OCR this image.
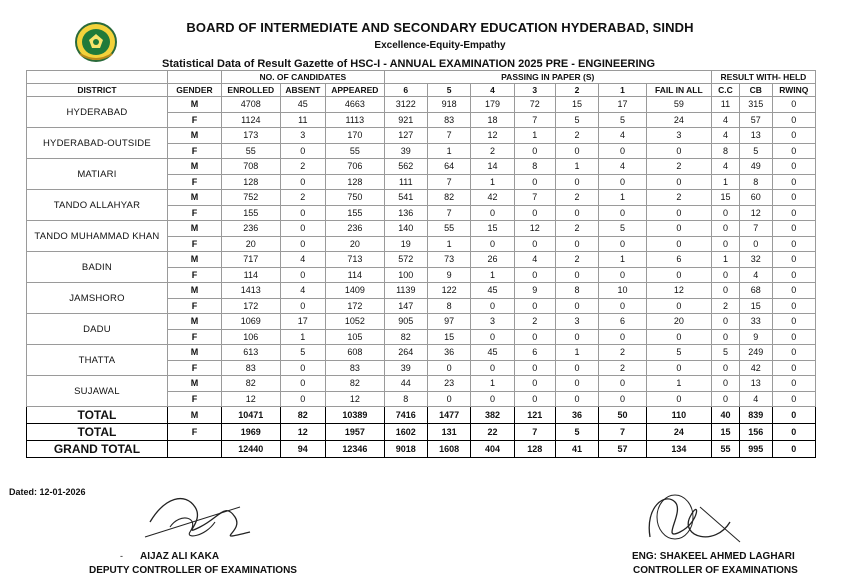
BOARD OF INTERMEDIATE AND SECONDARY EDUCATION HYDERABAD, SINDH
Excellence-Equity-Empathy
Statistical Data of Result Gazette of HSC-I - ANNUAL EXAMINATION 2025 PRE - ENGINEERING
		NO. OF CANDIDATES			PASSING IN PAPER (S)							RESULT WITH- HELD		
DISTRICT	GENDER	ENROLLED	ABSENT	APPEARED	6	5	4	3	2	1	FAIL IN ALL	C.C	CB	RWINQ
HYDERABAD	M	4708	45	4663	3122	918	179	72	15	17	59	11	315	0
	F	1124	11	1113	921	83	18	7	5	5	24	4	57	0
HYDERABAD-OUTSIDE	M	173	3	170	127	7	12	1	2	4	3	4	13	0
	F	55	0	55	39	1	2	0	0	0	0	8	5	0
MATIARI	M	708	2	706	562	64	14	8	1	4	2	4	49	0
	F	128	0	128	111	7	1	0	0	0	0	1	8	0
TANDO ALLAHYAR	M	752	2	750	541	82	42	7	2	1	2	15	60	0
	F	155	0	155	136	7	0	0	0	0	0	0	12	0
TANDO MUHAMMAD KHAN	M	236	0	236	140	55	15	12	2	5	0	0	7	0
	F	20	0	20	19	1	0	0	0	0	0	0	0	0
BADIN	M	717	4	713	572	73	26	4	2	1	6	1	32	0
	F	114	0	114	100	9	1	0	0	0	0	0	4	0
JAMSHORO	M	1413	4	1409	1139	122	45	9	8	10	12	0	68	0
	F	172	0	172	147	8	0	0	0	0	0	2	15	0
DADU	M	1069	17	1052	905	97	3	2	3	6	20	0	33	0
	F	106	1	105	82	15	0	0	0	0	0	0	9	0
THATTA	M	613	5	608	264	36	45	6	1	2	5	5	249	0
	F	83	0	83	39	0	0	0	0	2	0	0	42	0
SUJAWAL	M	82	0	82	44	23	1	0	0	0	1	0	13	0
	F	12	0	12	8	0	0	0	0	0	0	0	4	0
TOTAL	M	10471	82	10389	7416	1477	382	121	36	50	110	40	839	0
TOTAL	F	1969	12	1957	1602	131	22	7	5	7	24	15	156	0
GRAND TOTAL		12440	94	12346	9018	1608	404	128	41	57	134	55	995	0
Dated: 12-01-2026
- AIJAZ ALI KAKA
DEPUTY CONTROLLER OF EXAMINATIONS
ENG: SHAKEEL AHMED LAGHARI
CONTROLLER OF EXAMINATIONS
